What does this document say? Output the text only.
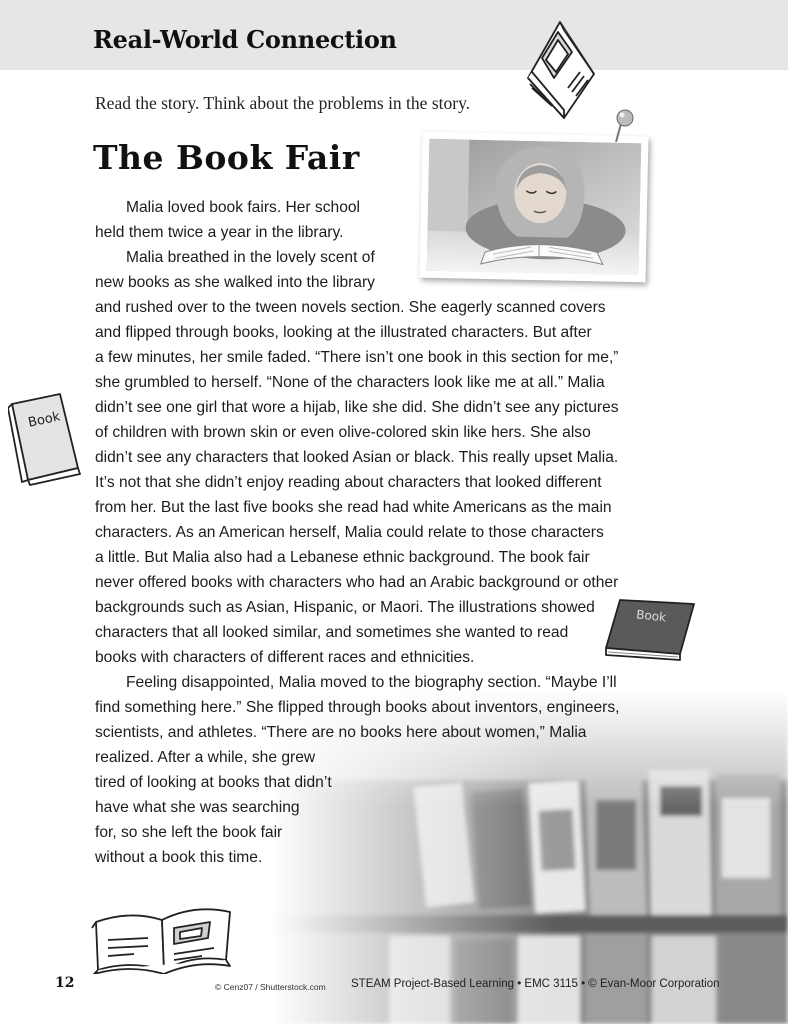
Real-World Connection
Read the story. Think about the problems in the story.
The Book Fair
Malia loved book fairs. Her school
held them twice a year in the library.
Malia breathed in the lovely scent of
new books as she walked into the library
and rushed over to the tween novels section. She eagerly scanned covers
and flipped through books, looking at the illustrated characters. But after
a few minutes, her smile faded. “There isn’t one book in this section for me,”
she grumbled to herself. “None of the characters look like me at all.” Malia
didn’t see one girl that wore a hijab, like she did. She didn’t see any pictures
of children with brown skin or even olive-colored skin like hers. She also
didn’t see any characters that looked Asian or black. This really upset Malia.
It’s not that she didn’t enjoy reading about characters that looked different
from her. But the last five books she read had white Americans as the main
characters. As an American herself, Malia could relate to those characters
a little. But Malia also had a Lebanese ethnic background. The book fair
never offered books with characters who had an Arabic background or other
backgrounds such as Asian, Hispanic, or Maori. The illustrations showed
characters that all looked similar, and sometimes she wanted to read
books with characters of different races and ethnicities.
Feeling disappointed, Malia moved to the biography section. “Maybe I’ll
find something here.” She flipped through books about inventors, engineers,
scientists, and athletes. “There are no books here about women,” Malia
realized. After a while, she grew
tired of looking at books that didn’t
have what she was searching
for, so she left the book fair
without a book this time.
Book
Book
12	© Cenz07 / Shutterstock.com STEAM Project-Based Learning • EMC 3115 • © Evan-Moor Corporation
